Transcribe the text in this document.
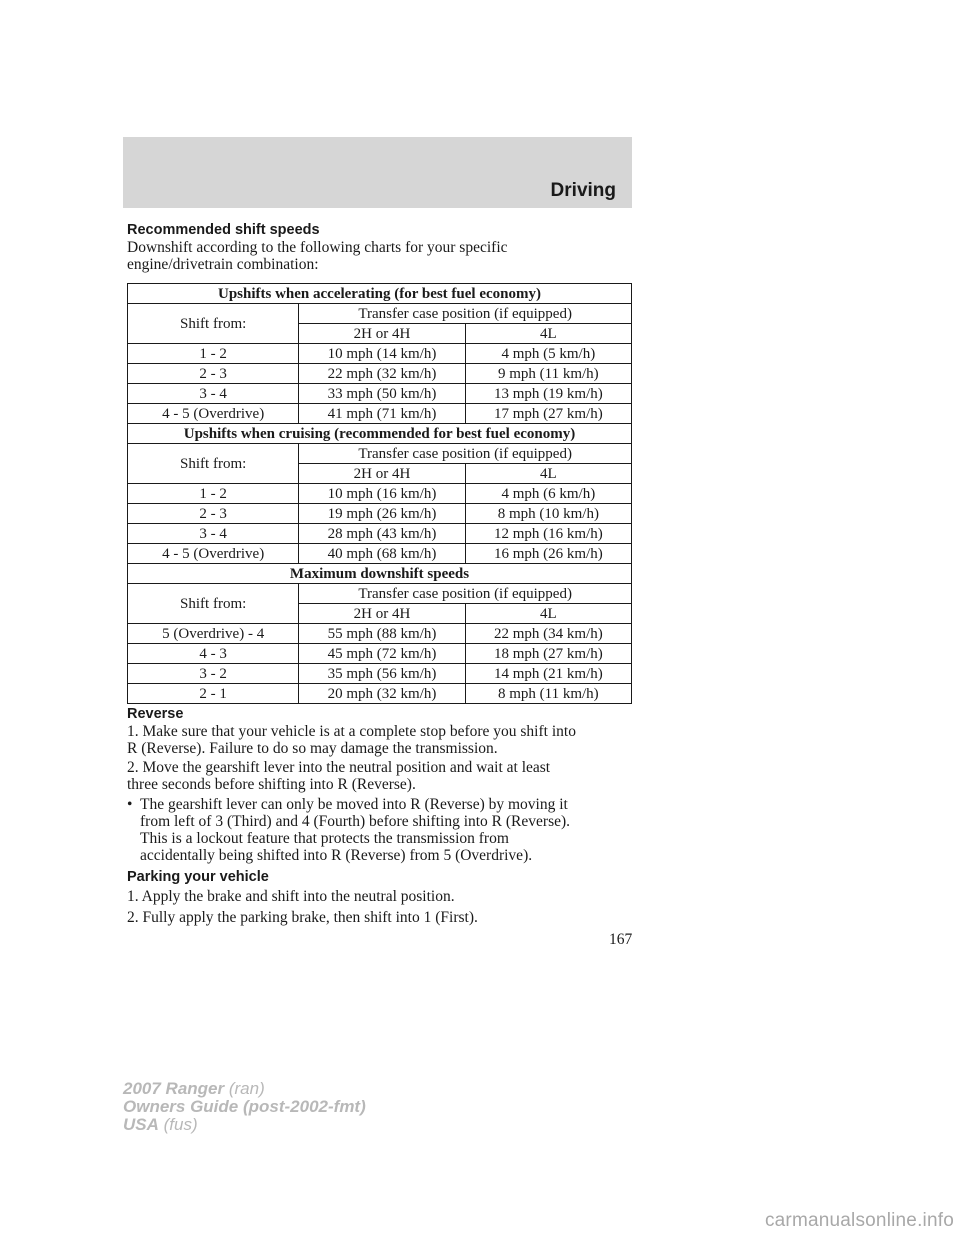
Driving
Recommended shift speeds
Downshift according to the following charts for your specific
engine/drivetrain combination:
Upshifts when accelerating (for best fuel economy)		
Shift from:	Transfer case position (if equipped)	
	2H or 4H	4L
1 - 2	10 mph (14 km/h)	4 mph (5 km/h)
2 - 3	22 mph (32 km/h)	9 mph (11 km/h)
3 - 4	33 mph (50 km/h)	13 mph (19 km/h)
4 - 5 (Overdrive)	41 mph (71 km/h)	17 mph (27 km/h)
Upshifts when cruising (recommended for best fuel economy)		
Shift from:	Transfer case position (if equipped)	
	2H or 4H	4L
1 - 2	10 mph (16 km/h)	4 mph (6 km/h)
2 - 3	19 mph (26 km/h)	8 mph (10 km/h)
3 - 4	28 mph (43 km/h)	12 mph (16 km/h)
4 - 5 (Overdrive)	40 mph (68 km/h)	16 mph (26 km/h)
Maximum downshift speeds		
Shift from:	Transfer case position (if equipped)	
	2H or 4H	4L
5 (Overdrive) - 4	55 mph (88 km/h)	22 mph (34 km/h)
4 - 3	45 mph (72 km/h)	18 mph (27 km/h)
3 - 2	35 mph (56 km/h)	14 mph (21 km/h)
2 - 1	20 mph (32 km/h)	8 mph (11 km/h)
Reverse
1. Make sure that your vehicle is at a complete stop before you shift into
R (Reverse). Failure to do so may damage the transmission.
2. Move the gearshift lever into the neutral position and wait at least
three seconds before shifting into R (Reverse).
• The gearshift lever can only be moved into R (Reverse) by moving it
from left of 3 (Third) and 4 (Fourth) before shifting into R (Reverse).
This is a lockout feature that protects the transmission from
accidentally being shifted into R (Reverse) from 5 (Overdrive).
Parking your vehicle
1. Apply the brake and shift into the neutral position.
2. Fully apply the parking brake, then shift into 1 (First).
167
2007 Ranger (ran)
Owners Guide (post-2002-fmt)
USA (fus)
carmanualsonline.info
